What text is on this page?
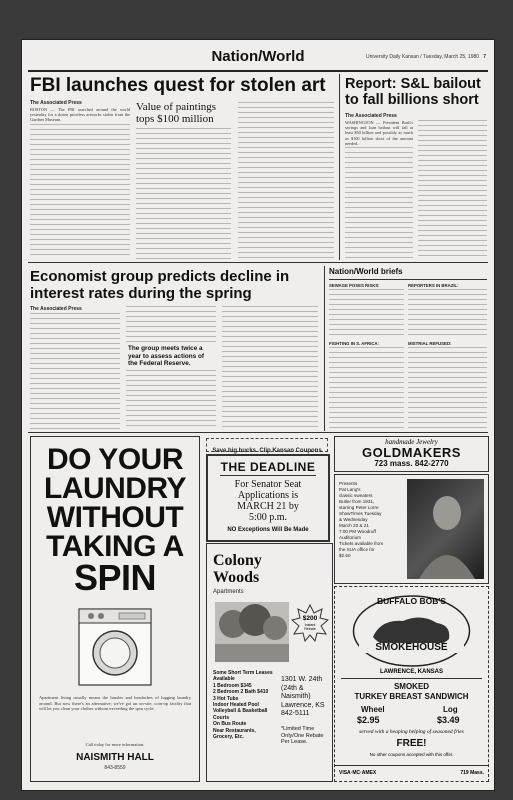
Nation/World	University Daily Kansan / Tuesday, March 25, 1980 7
FBI launches quest for stolen art
The Associated Press
BOSTON — The FBI searched around the world yesterday for a dozen priceless artworks stolen from the Gardner Museum.
Value of paintings tops $100 million
Report: S&L bailout to fall billions short
The Associated Press
WASHINGTON — President Bush's savings and loan bailout will fall at least $50 billion and possibly as much as $100 billion short of the amount needed.
Economist group predicts decline in interest rates during the spring
The Associated Press
The group meets twice a year to assess actions of the Federal Reserve.
Nation/World briefs
SEWAGE POSES RISKS:	REPORTERS IN BRAZIL:
FIGHTING IN S. AFRICA:	MISTRIAL REFUSED:
DO YOUR
LAUNDRY
WITHOUT
TAKING A
SPIN
Apartment living usually means the hassles and headaches of lugging laundry around. But now there's an alternative; we've got an on-site, coin-op facility that will let you clean your clothes without exceeding the spin cycle.
Call today for more information.
NAISMITH HALL
843-8559
Save big bucks. Clip Kansan Coupons
THE DEADLINE
For Senator Seat
Applications is
MARCH 21 by
5:00 p.m.
NO Exceptions Will Be Made
Colony
Woods
Apartments
$200
Instant Rebate
Some Short Term Leases Available
1 Bedroom $345
2 Bedroom 2 Bath $410
3 Hot Tubs
Indoor Heated Pool
Volleyball & Basketball Courts
On Bus Route
Near Restaurants, Grocery, Etc.
1301 W. 24th
(24th &
Naismith)
Lawrence, KS
842-5111
*Limited Time Only/One Rebate Per Lease.
handmade Jewelry
GOLDMAKERS
723 mass. 842-2770
Presents
Pat Lang's
classic sweaters
Butler from 1931,
starring Peter Lorre
ShowTimes Tuesday
& Wednesday
March 20 & 21
7:00 PM Woodruff
Auditorium
Tickets available from
the SUA office for
$2.50
BUFFALO BOB'S
SMOKEHOUSE
LAWRENCE, KANSAS
SMOKED
TURKEY BREAST SANDWICH
Wheel
$2.95
Log
$3.49
served with a heaping helping of seasoned fries
FREE!
No other coupons accepted with this offer.
VISA·MC·AMEX	719 Mass.
